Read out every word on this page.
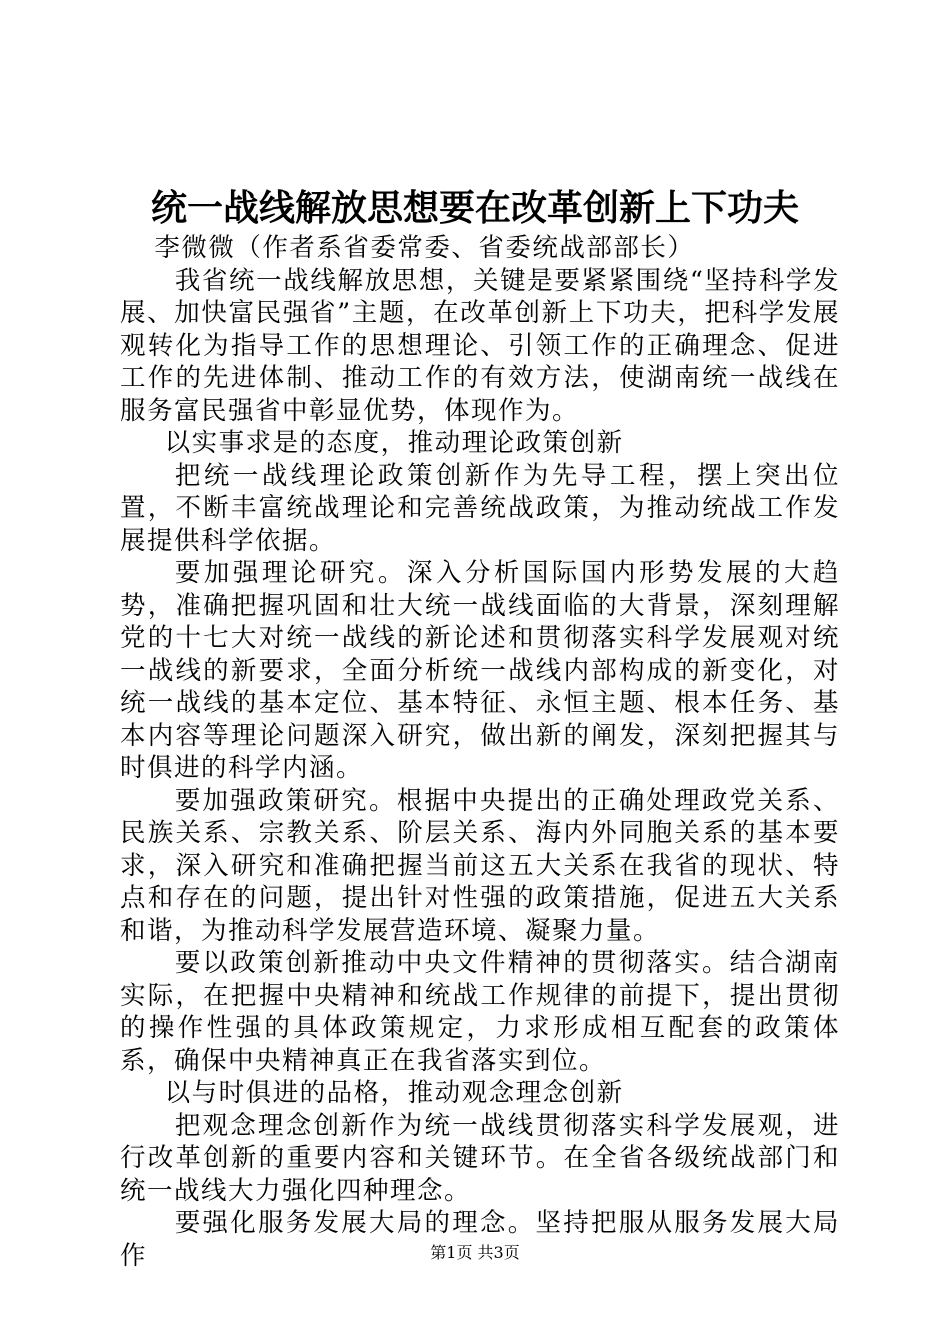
统一战线解放思想要在改革创新上下功夫

李微微（作者系省委常委、省委统战部部长）

我省统一战线解放思想，关键是要紧紧围绕“坚持科学发展、加快富民强省”主题，在改革创新上下功夫，把科学发展观转化为指导工作的思想理论、引领工作的正确理念、促进工作的先进体制、推动工作的有效方法，使湖南统一战线在服务富民强省中彰显优势，体现作为。

以实事求是的态度，推动理论政策创新

把统一战线理论政策创新作为先导工程，摆上突出位置，不断丰富统战理论和完善统战政策，为推动统战工作发展提供科学依据。

要加强理论研究。深入分析国际国内形势发展的大趋势，准确把握巩固和壮大统一战线面临的大背景，深刻理解党的十七大对统一战线的新论述和贯彻落实科学发展观对统一战线的新要求，全面分析统一战线内部构成的新变化，对统一战线的基本定位、基本特征、永恒主题、根本任务、基本内容等理论问题深入研究，做出新的阐发，深刻把握其与时俱进的科学内涵。

要加强政策研究。根据中央提出的正确处理政党关系、民族关系、宗教关系、阶层关系、海内外同胞关系的基本要求，深入研究和准确把握当前这五大关系在我省的现状、特点和存在的问题，提出针对性强的政策措施，促进五大关系和谐，为推动科学发展营造环境、凝聚力量。

要以政策创新推动中央文件精神的贯彻落实。结合湖南实际，在把握中央精神和统战工作规律的前提下，提出贯彻的操作性强的具体政策规定，力求形成相互配套的政策体系，确保中央精神真正在我省落实到位。

以与时俱进的品格，推动观念理念创新

把观念理念创新作为统一战线贯彻落实科学发展观，进行改革创新的重要内容和关键环节。在全省各级统战部门和统一战线大力强化四种理念。

要强化服务发展大局的理念。坚持把服从服务发展大局作	第1页 共3页
